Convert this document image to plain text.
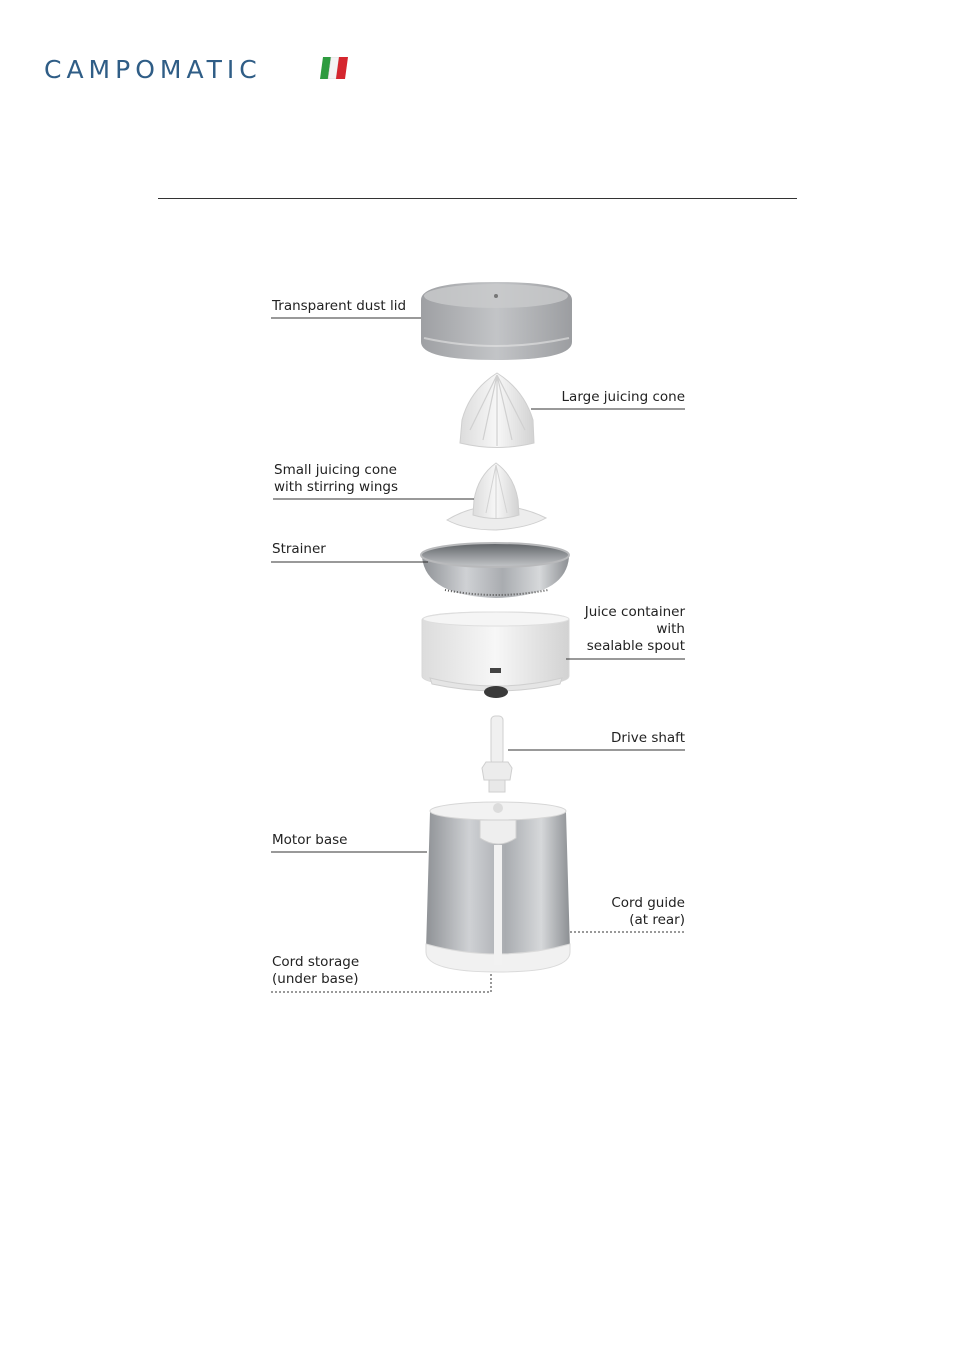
CAMPOMATIC
Transparent dust lid
Large juicing cone
Small juicing cone
with stirring wings
Strainer
Juice container
with
sealable spout
Drive shaft
Motor base
Cord guide
(at rear)
Cord storage
(under base)
